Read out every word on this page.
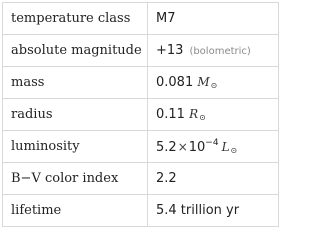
temperature class	M7
absolute magnitude	+13 (bolometric)
mass	0.081 $M_⊙$
radius	0.11 $R_⊙$
luminosity	$5.2\times 10^{-4}$ $L_⊙$
B−V color index	2.2
lifetime	5.4 trillion yr
